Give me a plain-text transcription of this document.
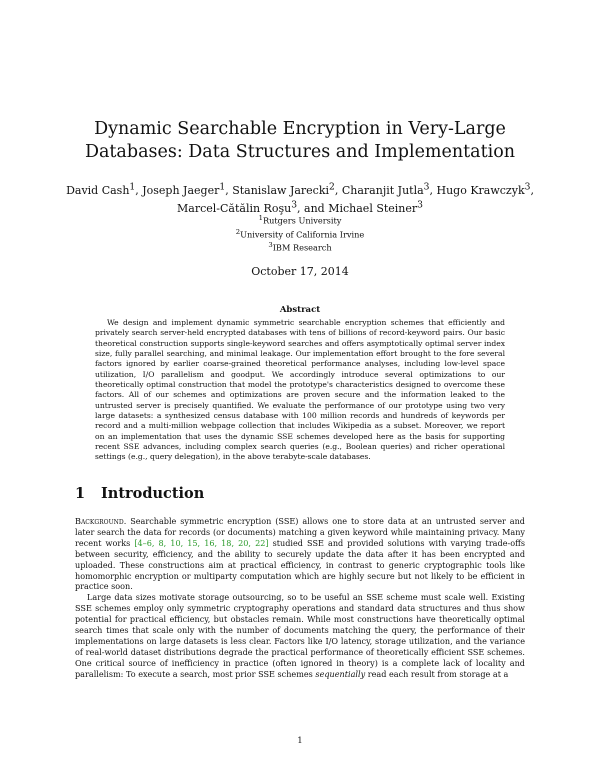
Dynamic Searchable Encryption in Very-Large Databases: Data Structures and Implementation
David Cash$^1$, Joseph Jaeger$^1$, Stanislaw Jarecki$^2$, Charanjit Jutla$^3$, Hugo Krawczyk$^3$,
Marcel-Cătălin Roşu$^3$, and Michael Steiner$^3$
$^1$Rutgers University
$^2$University of California Irvine
$^3$IBM Research
October 17, 2014
Abstract

We design and implement dynamic symmetric searchable encryption schemes that efficiently and privately search server-held encrypted databases with tens of billions of record-keyword pairs. Our basic theoretical construction supports single-keyword searches and offers asymptotically optimal server index size, fully parallel searching, and minimal leakage. Our implementation effort brought to the fore several factors ignored by earlier coarse-grained theoretical performance analyses, including low-level space utilization, I/O parallelism and goodput. We accordingly introduce several optimizations to our theoretically optimal construction that model the prototype's characteristics designed to overcome these factors. All of our schemes and optimizations are proven secure and the information leaked to the untrusted server is precisely quantified. We evaluate the performance of our prototype using two very large datasets: a synthesized census database with 100 million records and hundreds of keywords per record and a multi-million webpage collection that includes Wikipedia as a subset. Moreover, we report on an implementation that uses the dynamic SSE schemes developed here as the basis for supporting recent SSE advances, including complex search queries (e.g., Boolean queries) and richer operational settings (e.g., query delegation), in the above terabyte-scale databases.

1 Introduction

Background. Searchable symmetric encryption (SSE) allows one to store data at an untrusted server and later search the data for records (or documents) matching a given keyword while maintaining privacy. Many recent works [4–6, 8, 10, 15, 16, 18, 20, 22] studied SSE and provided solutions with varying trade-offs between security, efficiency, and the ability to securely update the data after it has been encrypted and uploaded. These constructions aim at practical efficiency, in contrast to generic cryptographic tools like homomorphic encryption or multiparty computation which are highly secure but not likely to be efficient in practice soon.

Large data sizes motivate storage outsourcing, so to be useful an SSE scheme must scale well. Existing SSE schemes employ only symmetric cryptography operations and standard data structures and thus show potential for practical efficiency, but obstacles remain. While most constructions have theoretically optimal search times that scale only with the number of documents matching the query, the performance of their implementations on large datasets is less clear. Factors like I/O latency, storage utilization, and the variance of real-world dataset distributions degrade the practical performance of theoretically efficient SSE schemes. One critical source of inefficiency in practice (often ignored in theory) is a complete lack of locality and parallelism: To execute a search, most prior SSE schemes sequentially read each result from storage at a

1
